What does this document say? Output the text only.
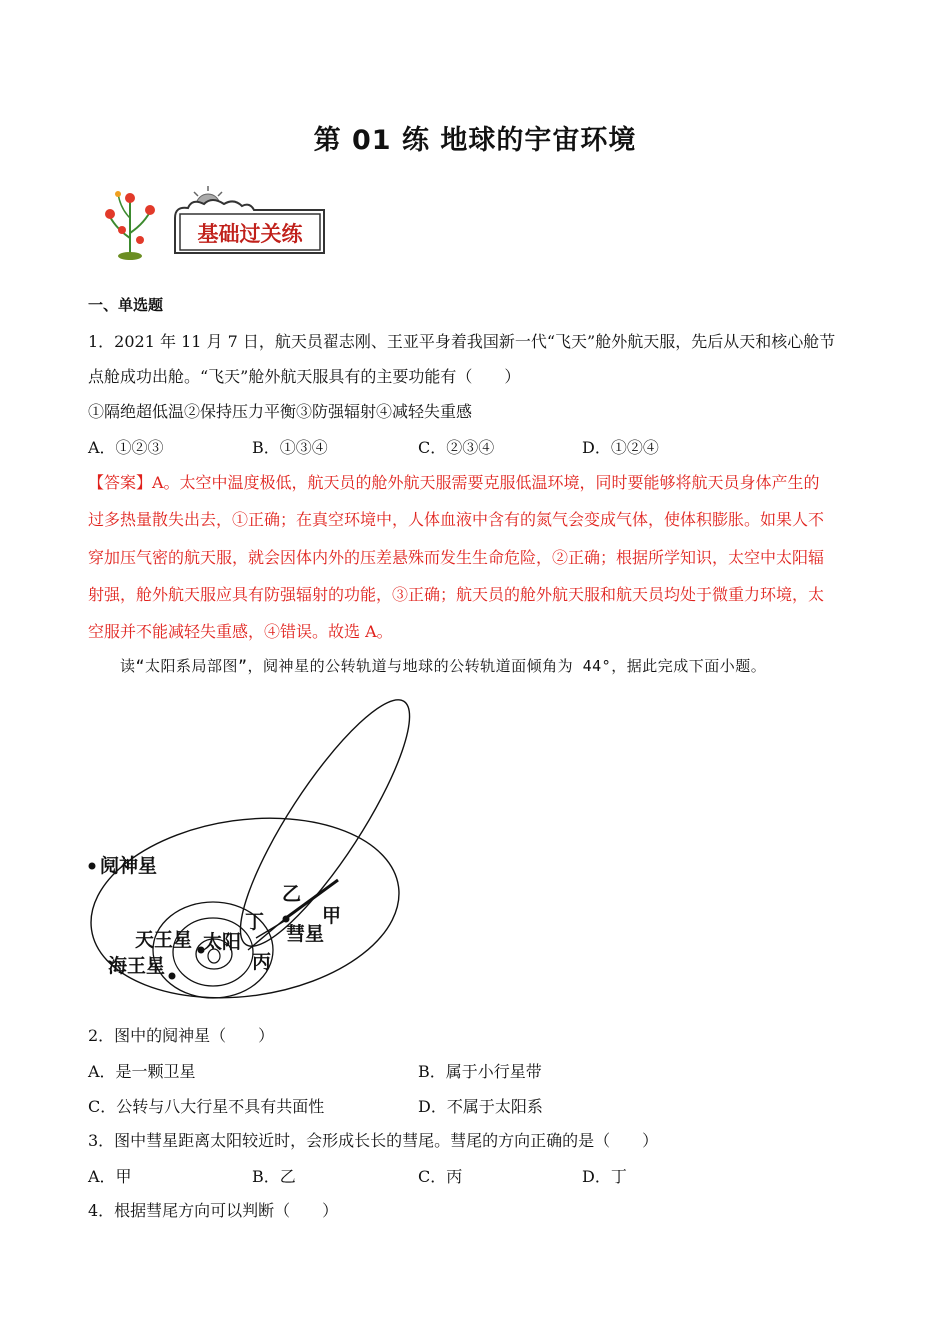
第 01 练 地球的宇宙环境
基础过关练
一、单选题
1．2021 年 11 月 7 日，航天员翟志刚、王亚平身着我国新一代“飞天”舱外航天服，先后从天和核心舱节
点舱成功出舱。“飞天”舱外航天服具有的主要功能有（　　）
①隔绝超低温②保持压力平衡③防强辐射④减轻失重感
A．①②③	B．①③④	C．②③④	D．①②④
【答案】A。太空中温度极低，航天员的舱外航天服需要克服低温环境，同时要能够将航天员身体产生的
过多热量散失出去，①正确；在真空环境中，人体血液中含有的氮气会变成气体，使体积膨胀。如果人不
穿加压气密的航天服，就会因体内外的压差悬殊而发生生命危险，②正确；根据所学知识，太空中太阳辐
射强，舱外航天服应具有防强辐射的功能，③正确；航天员的舱外航天服和航天员均处于微重力环境，太
空服并不能减轻失重感，④错误。故选 A。
读“太阳系局部图”，阋神星的公转轨道与地球的公转轨道面倾角为 44°，据此完成下面小题。
阋神星
乙
甲
丁
彗星
天王星 太阳
丙
海王星
2．图中的阋神星（　　）
A．是一颗卫星	B．属于小行星带
C．公转与八大行星不具有共面性	D．不属于太阳系
3．图中彗星距离太阳较近时，会形成长长的彗尾。彗尾的方向正确的是（　　）
A．甲	B．乙	C．丙	D．丁
4．根据彗尾方向可以判断（　　）
